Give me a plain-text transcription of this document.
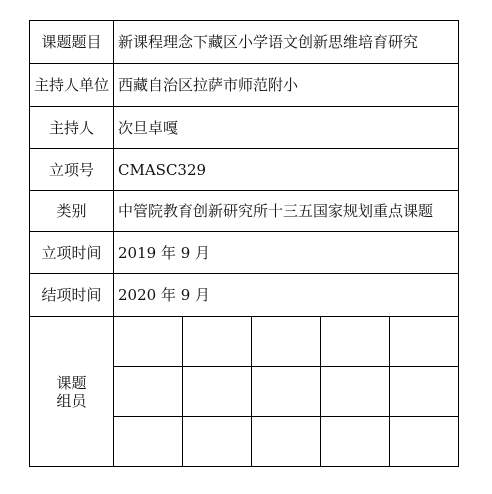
课题题目	新课程理念下藏区小学语文创新思维培育研究
主持人单位	西藏自治区拉萨市师范附小
主持人	次旦卓嘎
立项号	CMASC329
类别	中管院教育创新研究所十三五国家规划重点课题
立项时间	2019 年 9 月
结项时间	2020 年 9 月

课题
组员
